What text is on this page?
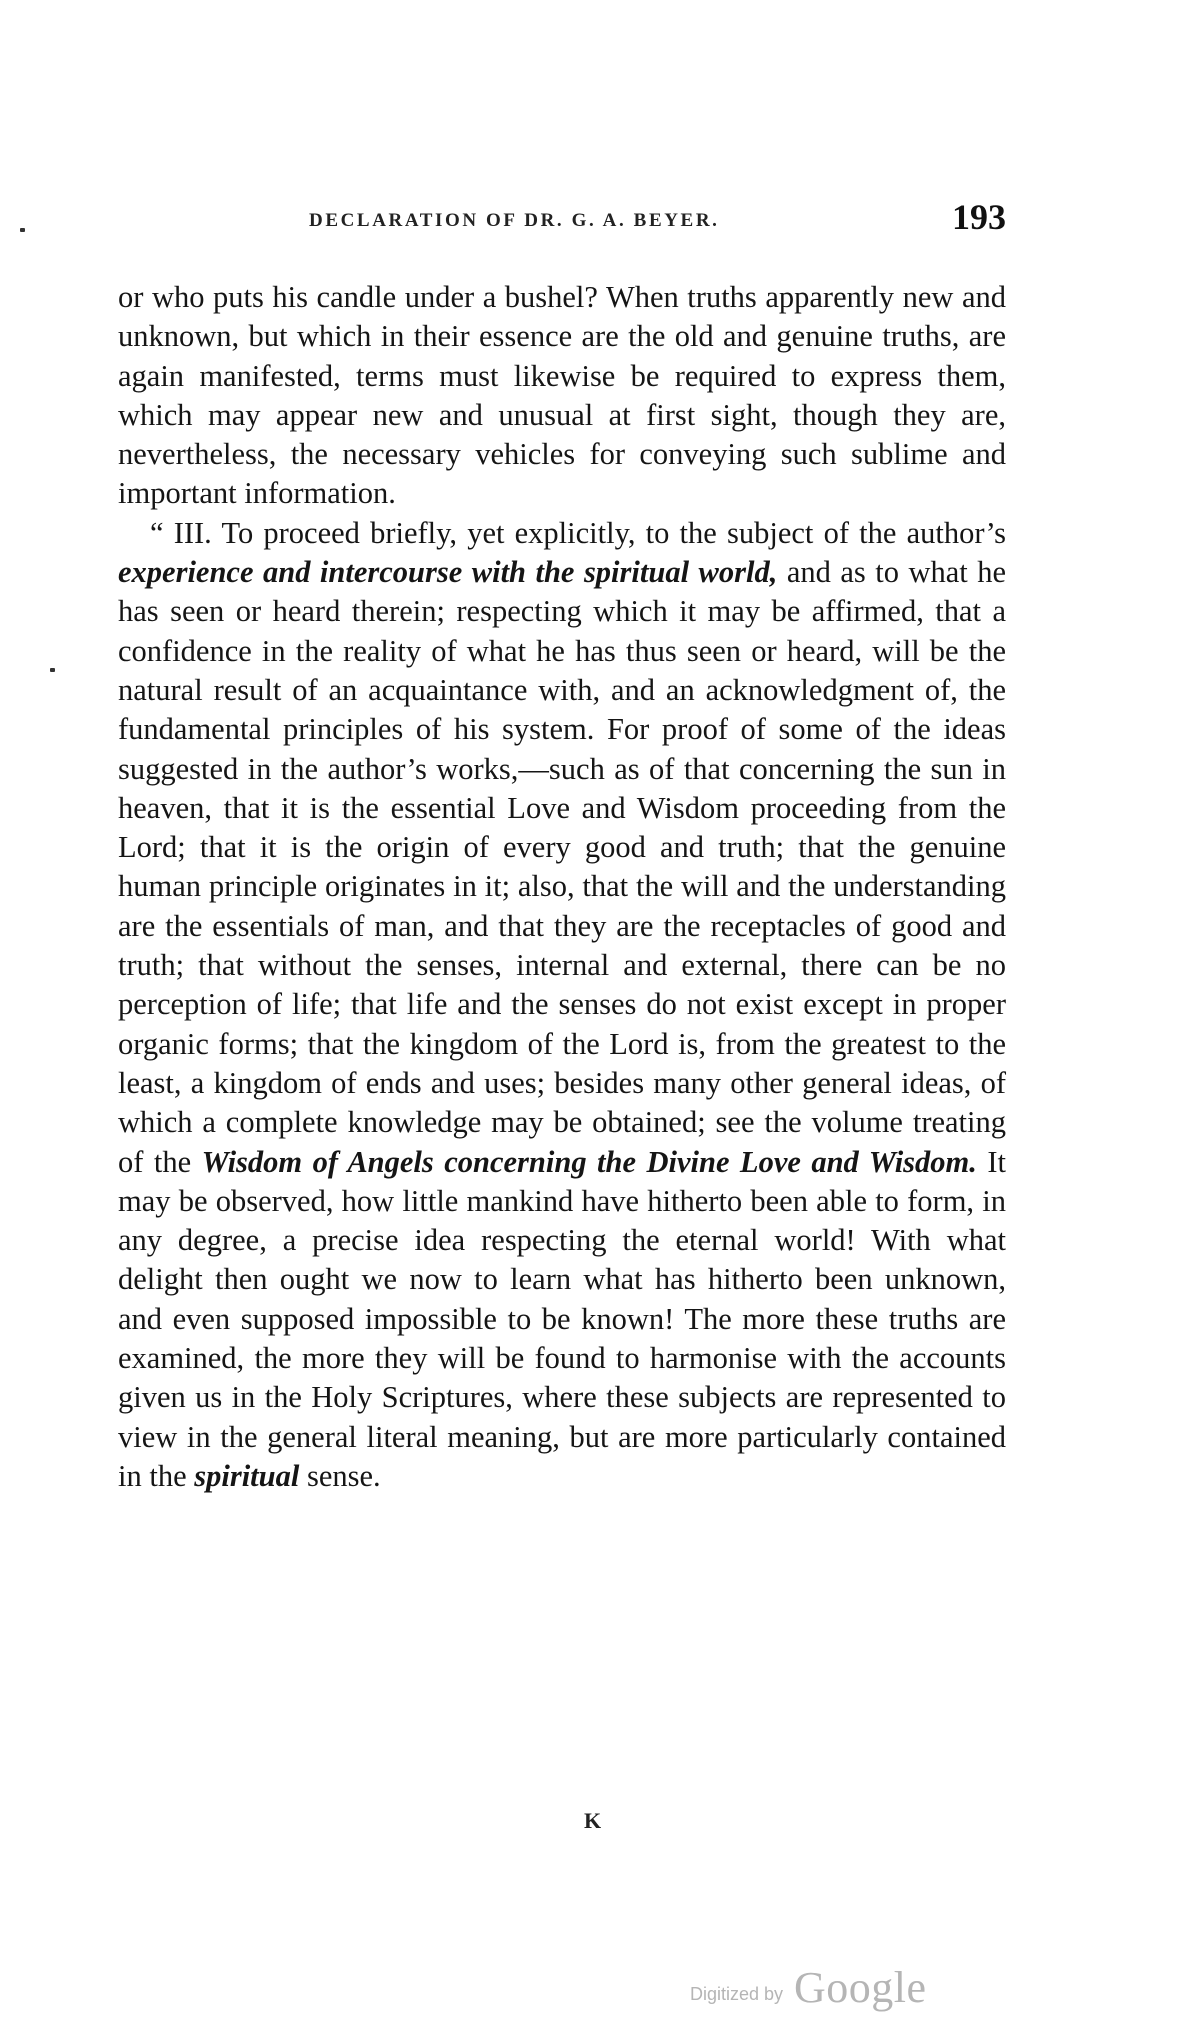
DECLARATION OF DR. G. A. BEYER.	193

or who puts his candle under a bushel? When truths apparently new and unknown, but which in their essence are the old and genuine truths, are again manifested, terms must likewise be required to express them, which may appear new and unusual at first sight, though they are, nevertheless, the necessary vehicles for conveying such sublime and important information.

“ III. To proceed briefly, yet explicitly, to the subject of the author’s experience and intercourse with the spiritual world, and as to what he has seen or heard therein; respecting which it may be affirmed, that a confidence in the reality of what he has thus seen or heard, will be the natural result of an acquaintance with, and an acknowledgment of, the fundamental principles of his system. For proof of some of the ideas suggested in the author’s works,—such as of that concerning the sun in heaven, that it is the essential Love and Wisdom proceeding from the Lord; that it is the origin of every good and truth; that the genuine human principle originates in it; also, that the will and the understanding are the essentials of man, and that they are the receptacles of good and truth; that without the senses, internal and external, there can be no perception of life; that life and the senses do not exist except in proper organic forms; that the kingdom of the Lord is, from the greatest to the least, a kingdom of ends and uses; besides many other general ideas, of which a complete knowledge may be obtained; see the volume treating of the Wisdom of Angels concerning the Divine Love and Wisdom. It may be observed, how little mankind have hitherto been able to form, in any degree, a precise idea respecting the eternal world! With what delight then ought we now to learn what has hitherto been unknown, and even supposed impossible to be known! The more these truths are examined, the more they will be found to harmonise with the accounts given us in the Holy Scriptures, where these subjects are represented to view in the general literal meaning, but are more particularly contained in the spiritual sense.

K
Digitized by Google
